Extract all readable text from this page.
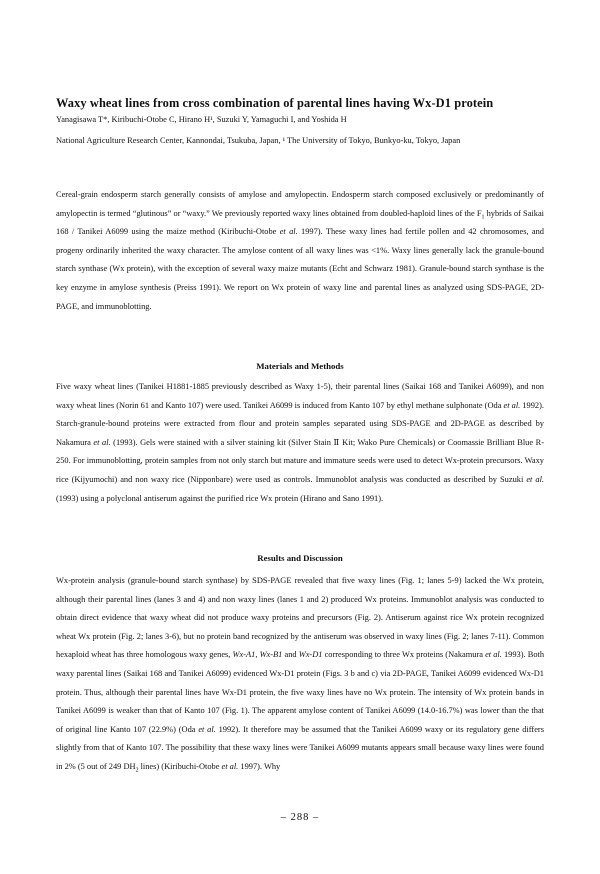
Waxy wheat lines from cross combination of parental lines having Wx-D1 protein
Yanagisawa T*, Kiribuchi-Otobe C, Hirano H¹, Suzuki Y, Yamaguchi I, and Yoshida H
National Agriculture Research Center, Kannondai, Tsukuba, Japan, ¹ The University of Tokyo, Bunkyo-ku, Tokyo, Japan
Cereal-grain endosperm starch generally consists of amylose and amylopectin. Endosperm starch composed exclusively or predominantly of amylopectin is termed “glutinous” or “waxy.” We previously reported waxy lines obtained from doubled-haploid lines of the $F_1$ hybrids of Saikai 168 / Tanikei A6099 using the maize method (Kiribuchi-Otobe et al. 1997). These waxy lines had fertile pollen and 42 chromosomes, and progeny ordinarily inherited the waxy character. The amylose content of all waxy lines was <1%. Waxy lines generally lack the granule-bound starch synthase (Wx protein), with the exception of several waxy maize mutants (Echt and Schwarz 1981). Granule-bound starch synthase is the key enzyme in amylose synthesis (Preiss 1991). We report on Wx protein of waxy line and parental lines as analyzed using SDS-PAGE, 2D-PAGE, and immunoblotting.
Materials and Methods
Five waxy wheat lines (Tanikei H1881-1885 previously described as Waxy 1-5), their parental lines (Saikai 168 and Tanikei A6099), and non waxy wheat lines (Norin 61 and Kanto 107) were used. Tanikei A6099 is induced from Kanto 107 by ethyl methane sulphonate (Oda et al. 1992). Starch-granule-bound proteins were extracted from flour and protein samples separated using SDS-PAGE and 2D-PAGE as described by Nakamura et al. (1993). Gels were stained with a silver staining kit (Silver Stain Ⅱ Kit; Wako Pure Chemicals) or Coomassie Brilliant Blue R-250. For immunoblotting, protein samples from not only starch but mature and immature seeds were used to detect Wx-protein precursors. Waxy rice (Kijyumochi) and non waxy rice (Nipponbare) were used as controls. Immunoblot analysis was conducted as described by Suzuki et al. (1993) using a polyclonal antiserum against the purified rice Wx protein (Hirano and Sano 1991).
Results and Discussion
Wx-protein analysis (granule-bound starch synthase) by SDS-PAGE revealed that five waxy lines (Fig. 1; lanes 5-9) lacked the Wx protein, although their parental lines (lanes 3 and 4) and non waxy lines (lanes 1 and 2) produced Wx proteins. Immunoblot analysis was conducted to obtain direct evidence that waxy wheat did not produce waxy proteins and precursors (Fig. 2). Antiserum against rice Wx protein recognized wheat Wx protein (Fig. 2; lanes 3-6), but no protein band recognized by the antiserum was observed in waxy lines (Fig. 2; lanes 7-11). Common hexaploid wheat has three homologous waxy genes, Wx-A1, Wx-B1 and Wx-D1 corresponding to three Wx proteins (Nakamura et al. 1993). Both waxy parental lines (Saikai 168 and Tanikei A6099) evidenced Wx-D1 protein (Figs. 3 b and c) via 2D-PAGE, Tanikei A6099 evidenced Wx-D1 protein. Thus, although their parental lines have Wx-D1 protein, the five waxy lines have no Wx protein. The intensity of Wx protein bands in Tanikei A6099 is weaker than that of Kanto 107 (Fig. 1). The apparent amylose content of Tanikei A6099 (14.0-16.7%) was lower than the that of original line Kanto 107 (22.9%) (Oda et al. 1992). It therefore may be assumed that the Tanikei A6099 waxy or its regulatory gene differs slightly from that of Kanto 107. The possibility that these waxy lines were Tanikei A6099 mutants appears small because waxy lines were found in 2% (5 out of 249 $DH_2$ lines) (Kiribuchi-Otobe et al. 1997). Why
– 288 –
